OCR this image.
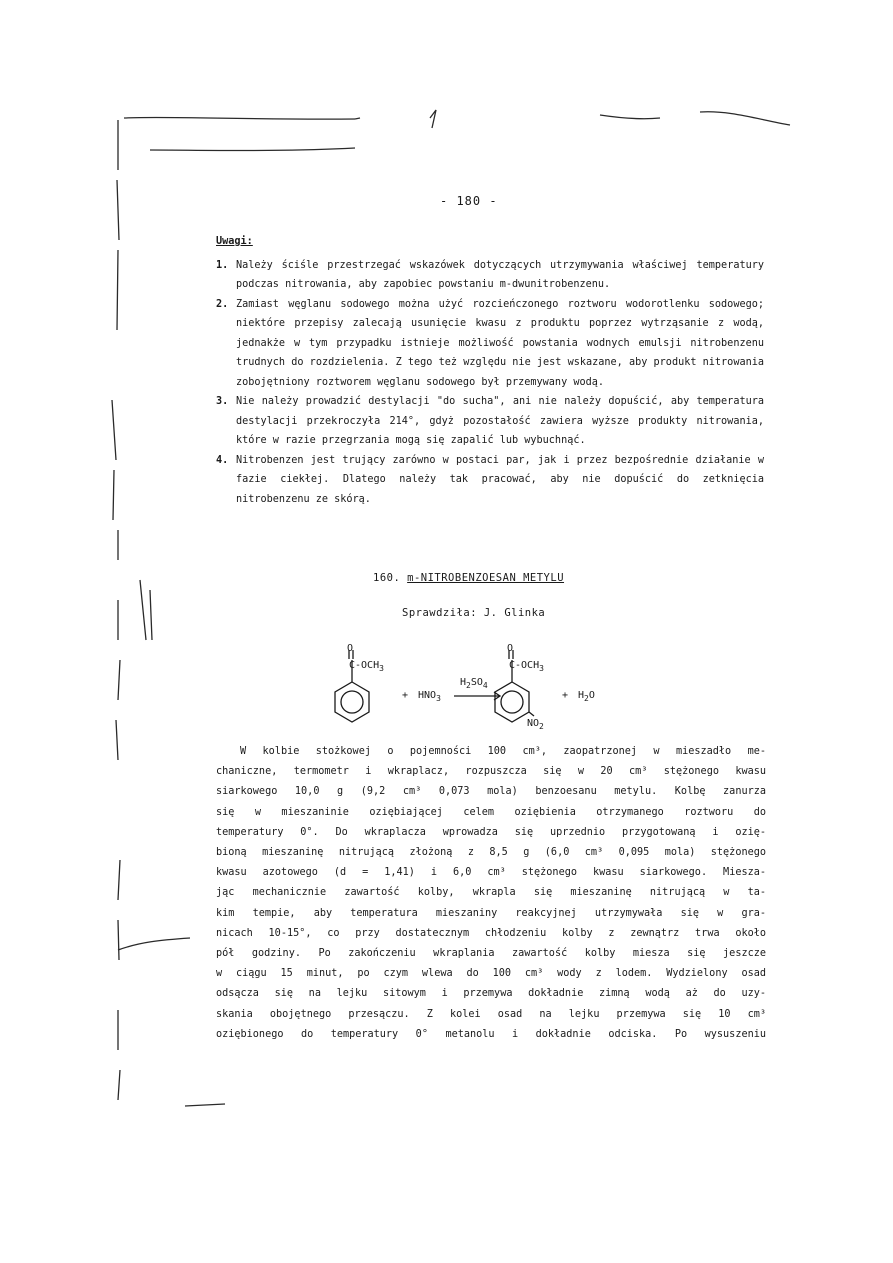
- 180 -
Uwagi:
1. Należy ściśle przestrzegać wskazówek dotyczących utrzymywania właściwej temperatury podczas nitrowania, aby zapobiec powstaniu m-dwunitrobenzenu.
2. Zamiast węglanu sodowego można użyć rozcieńczonego roztworu wodorotlenku sodowego; niektóre przepisy zalecają usunięcie kwasu z produktu poprzez wytrząsanie z wodą, jednakże w tym przypadku istnieje możliwość powstania wodnych emulsji nitrobenzenu trudnych do rozdzielenia. Z tego też względu nie jest wskazane, aby produkt nitrowania zobojętniony roztworem węglanu sodowego był przemywany wodą.
3. Nie należy prowadzić destylacji "do sucha", ani nie należy dopuścić, aby temperatura destylacji przekroczyła 214°, gdyż pozostałość zawiera wyższe produkty nitrowania, które w razie przegrzania mogą się zapalić lub wybuchnąć.
4. Nitrobenzen jest trujący zarówno w postaci par, jak i przez bezpośrednie działanie w fazie ciekłej. Dlatego należy tak pracować, aby nie dopuścić do zetknięcia nitrobenzenu ze skórą.
160. m-NITROBENZOESAN METYLU
Sprawdziła: J. Glinka
O
$C-OCH_3$
+ $HNO_3$
$H_2SO_4$
O
$C-OCH_3$
$NO_2$
+ $H_2O$
W kolbie stożkowej o pojemności 100 cm³, zaopatrzonej w mieszadło me-
chaniczne, termometr i wkraplacz, rozpuszcza się w 20 cm³ stężonego kwasu
siarkowego 10,0 g (9,2 cm³ 0,073 mola) benzoesanu metylu. Kolbę zanurza
się w mieszaninie oziębiającej celem oziębienia otrzymanego roztworu do
temperatury 0°. Do wkraplacza wprowadza się uprzednio przygotowaną i ozię-
bioną mieszaninę nitrującą złożoną z 8,5 g (6,0 cm³ 0,095 mola) stężonego
kwasu azotowego (d = 1,41) i 6,0 cm³ stężonego kwasu siarkowego. Miesza-
jąc mechanicznie zawartość kolby, wkrapla się mieszaninę nitrującą w ta-
kim tempie, aby temperatura mieszaniny reakcyjnej utrzymywała się w gra-
nicach 10-15°, co przy dostatecznym chłodzeniu kolby z zewnątrz trwa około
pół godziny. Po zakończeniu wkraplania zawartość kolby miesza się jeszcze
w ciągu 15 minut, po czym wlewa do 100 cm³ wody z lodem. Wydzielony osad
odsącza się na lejku sitowym i przemywa dokładnie zimną wodą aż do uzy-
skania obojętnego przesączu. Z kolei osad na lejku przemywa się 10 cm³
oziębionego do temperatury 0° metanolu i dokładnie odciska. Po wysuszeniu
